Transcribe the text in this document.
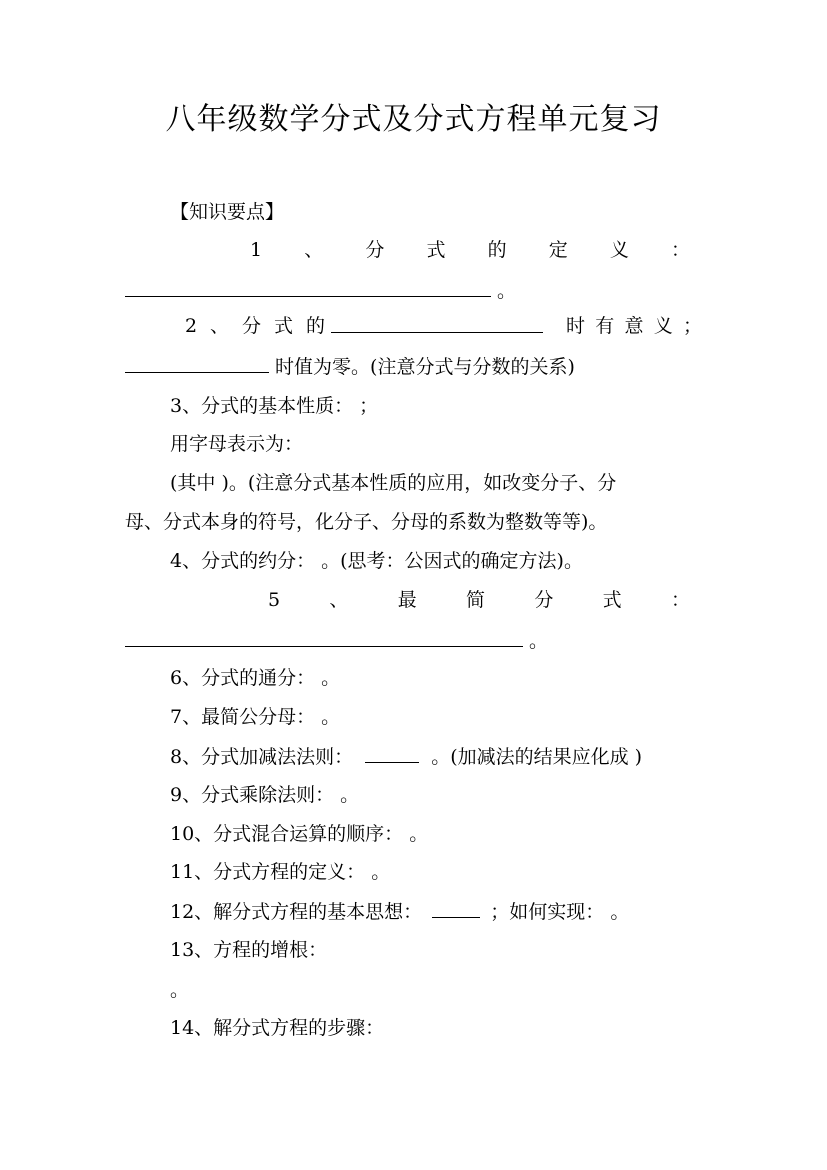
八年级数学分式及分式方程单元复习
【知识要点】
1 、 分 式 的 定 义 ：
。
2 、 分 式 的	时 有 意 义 ；
时值为零。(注意分式与分数的关系)
3、分式的基本性质： ；
用字母表示为：
(其中 )。(注意分式基本性质的应用，如改变分子、分
母、分式本身的符号，化分子、分母的系数为整数等等)。
4、分式的约分： 。(思考：公因式的确定方法)。
5	、	最	简	分	式	：
。
6、分式的通分： 。
7、最简公分母： 。
8、分式加减法法则：	。(加减法的结果应化成 )
9、分式乘除法则： 。
10、分式混合运算的顺序： 。
11、分式方程的定义： 。
12、解分式方程的基本思想：	；如何实现： 。
13、方程的增根：
。
14、解分式方程的步骤：
